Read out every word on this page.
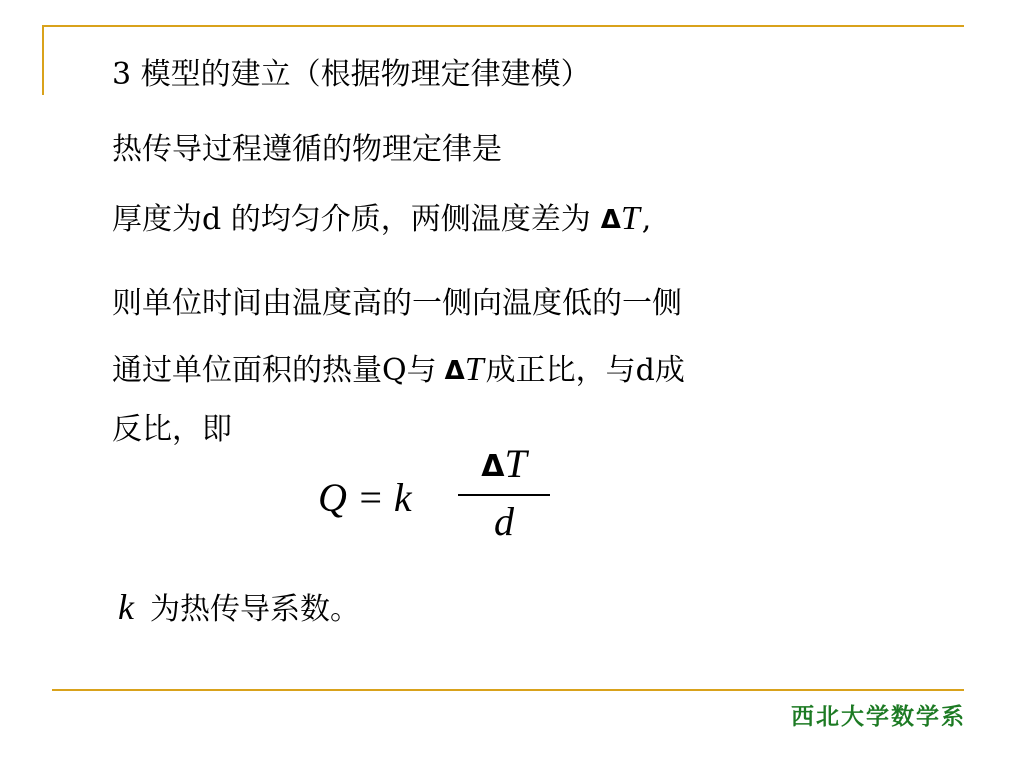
3 模型的建立（根据物理定律建模）
热传导过程遵循的物理定律是
厚度为d 的均匀介质，两侧温度差为 ΔT,
则单位时间由温度高的一侧向温度低的一侧
通过单位面积的热量Q与 ΔT成正比，与d成
反比，即
Q = k
ΔT
d
k 为热传导系数。
西北大学数学系
